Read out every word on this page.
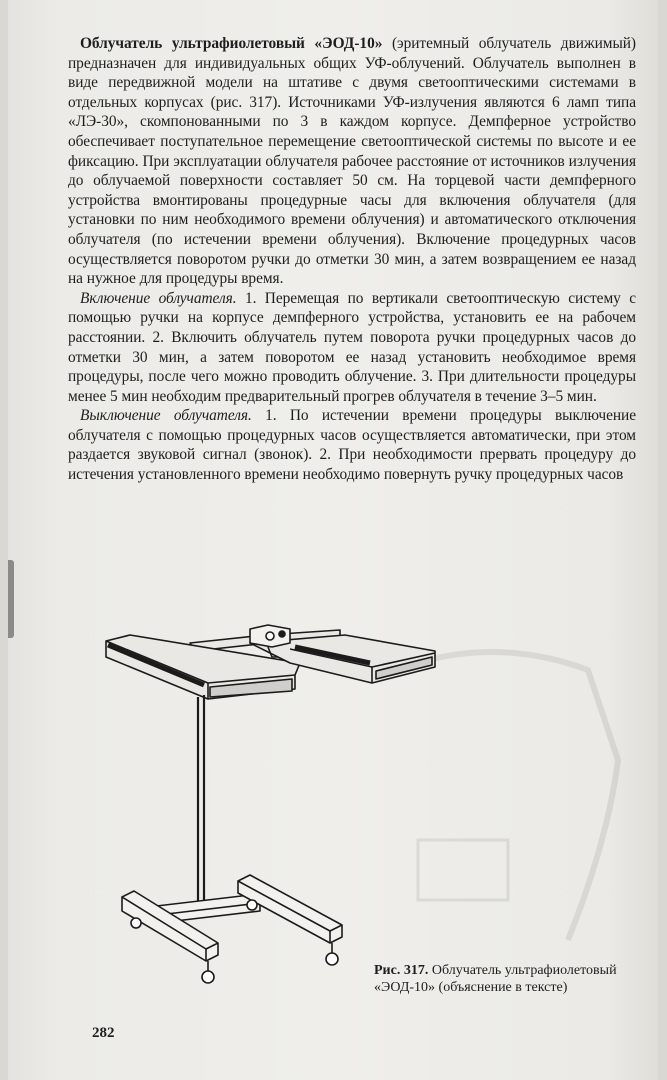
Облучатель ультрафиолетовый «ЭОД-10» (эритемный облучатель движимый) предназначен для индивидуальных общих УФ-облучений. Облучатель выполнен в виде передвижной модели на штативе с двумя светооптическими системами в отдельных корпусах (рис. 317). Источниками УФ-излучения являются 6 ламп типа «ЛЭ-30», скомпонованными по 3 в каждом корпусе. Демпферное устройство обеспечивает поступательное перемещение светооптической системы по высоте и ее фиксацию. При эксплуатации облучателя рабочее расстояние от источников излучения до облучаемой поверхности составляет 50 см. На торцевой части демпферного устройства вмонтированы процедурные часы для включения облучателя (для установки по ним необходимого времени облучения) и автоматического отключения облучателя (по истечении времени облучения). Включение процедурных часов осуществляется поворотом ручки до отметки 30 мин, а затем возвращением ее назад на нужное для процедуры время.

Включение облучателя. 1. Перемещая по вертикали светооптическую систему с помощью ручки на корпусе демпферного устройства, установить ее на рабочем расстоянии. 2. Включить облучатель путем поворота ручки процедурных часов до отметки 30 мин, а затем поворотом ее назад установить необходимое время процедуры, после чего можно проводить облучение. 3. При длительности процедуры менее 5 мин необходим предварительный прогрев облучателя в течение 3–5 мин.

Выключение облучателя. 1. По истечении времени процедуры выключение облучателя с помощью процедурных часов осуществляется автоматически, при этом раздается звуковой сигнал (звонок). 2. При необходимости прервать процедуру до истечения установленного времени необходимо повернуть ручку процедурных часов

Рис. 317. Облучатель ультрафиолетовый «ЭОД-10» (объяснение в тексте)
282
